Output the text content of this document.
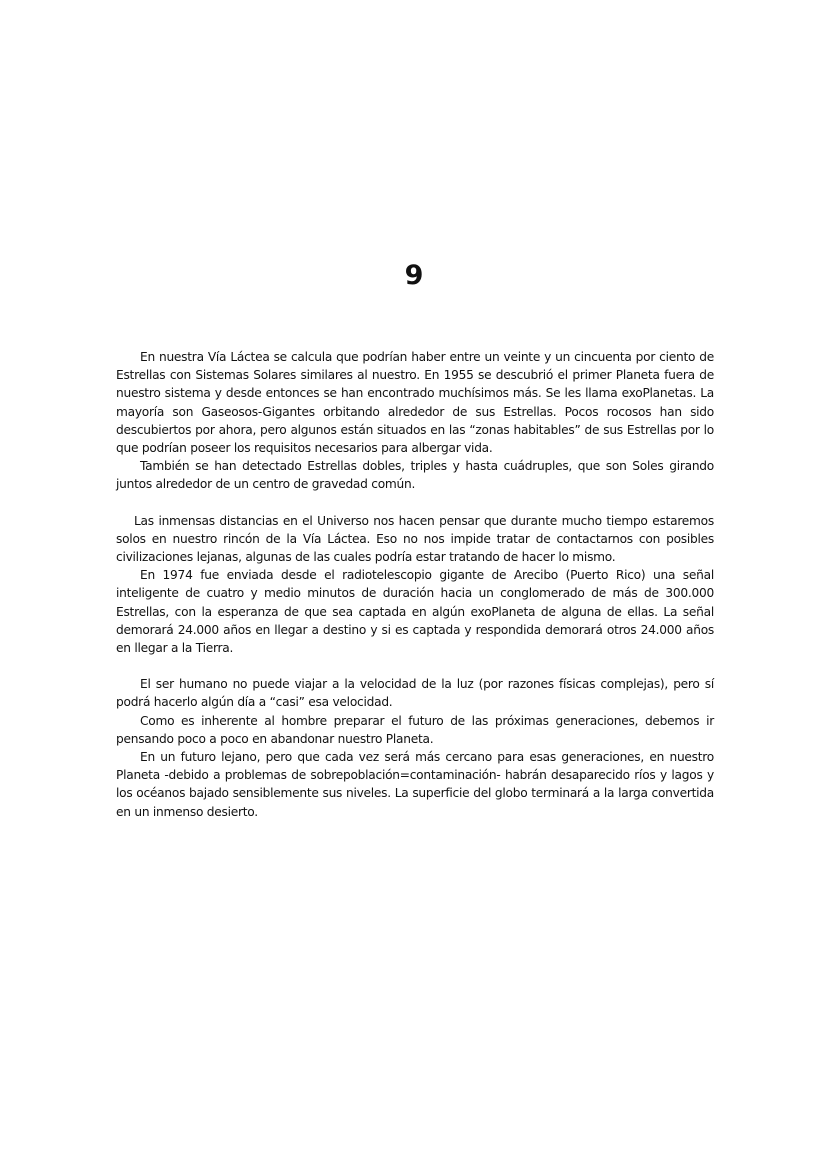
9

En nuestra Vía Láctea se calcula que podrían haber entre un veinte y un cincuenta por ciento de Estrellas con Sistemas Solares similares al nuestro. En 1955 se descubrió el primer Planeta fuera de nuestro sistema y desde entonces se han encontrado muchísimos más. Se les llama exoPlanetas. La mayoría son Gaseosos-Gigantes orbitando alrededor de sus Estrellas. Pocos rocosos han sido descubiertos por ahora, pero algunos están situados en las “zonas habitables” de sus Estrellas por lo que podrían poseer los requisitos necesarios para albergar vida.

También se han detectado Estrellas dobles, triples y hasta cuádruples, que son Soles girando juntos alrededor de un centro de gravedad común.

Las inmensas distancias en el Universo nos hacen pensar que durante mucho tiempo estaremos solos en nuestro rincón de la Vía Láctea. Eso no nos impide tratar de contactarnos con posibles civilizaciones lejanas, algunas de las cuales podría estar tratando de hacer lo mismo.

En 1974 fue enviada desde el radiotelescopio gigante de Arecibo (Puerto Rico) una señal inteligente de cuatro y medio minutos de duración hacia un conglomerado de más de 300.000 Estrellas, con la esperanza de que sea captada en algún exoPlaneta de alguna de ellas. La señal demorará 24.000 años en llegar a destino y si es captada y respondida demorará otros 24.000 años en llegar a la Tierra.

El ser humano no puede viajar a la velocidad de la luz (por razones físicas complejas), pero sí podrá hacerlo algún día a “casi” esa velocidad.

Como es inherente al hombre preparar el futuro de las próximas generaciones, debemos ir pensando poco a poco en abandonar nuestro Planeta.

En un futuro lejano, pero que cada vez será más cercano para esas generaciones, en nuestro Planeta -debido a problemas de sobrepoblación=contaminación- habrán desaparecido ríos y lagos y los océanos bajado sensiblemente sus niveles. La superficie del globo terminará a la larga convertida en un inmenso desierto.
